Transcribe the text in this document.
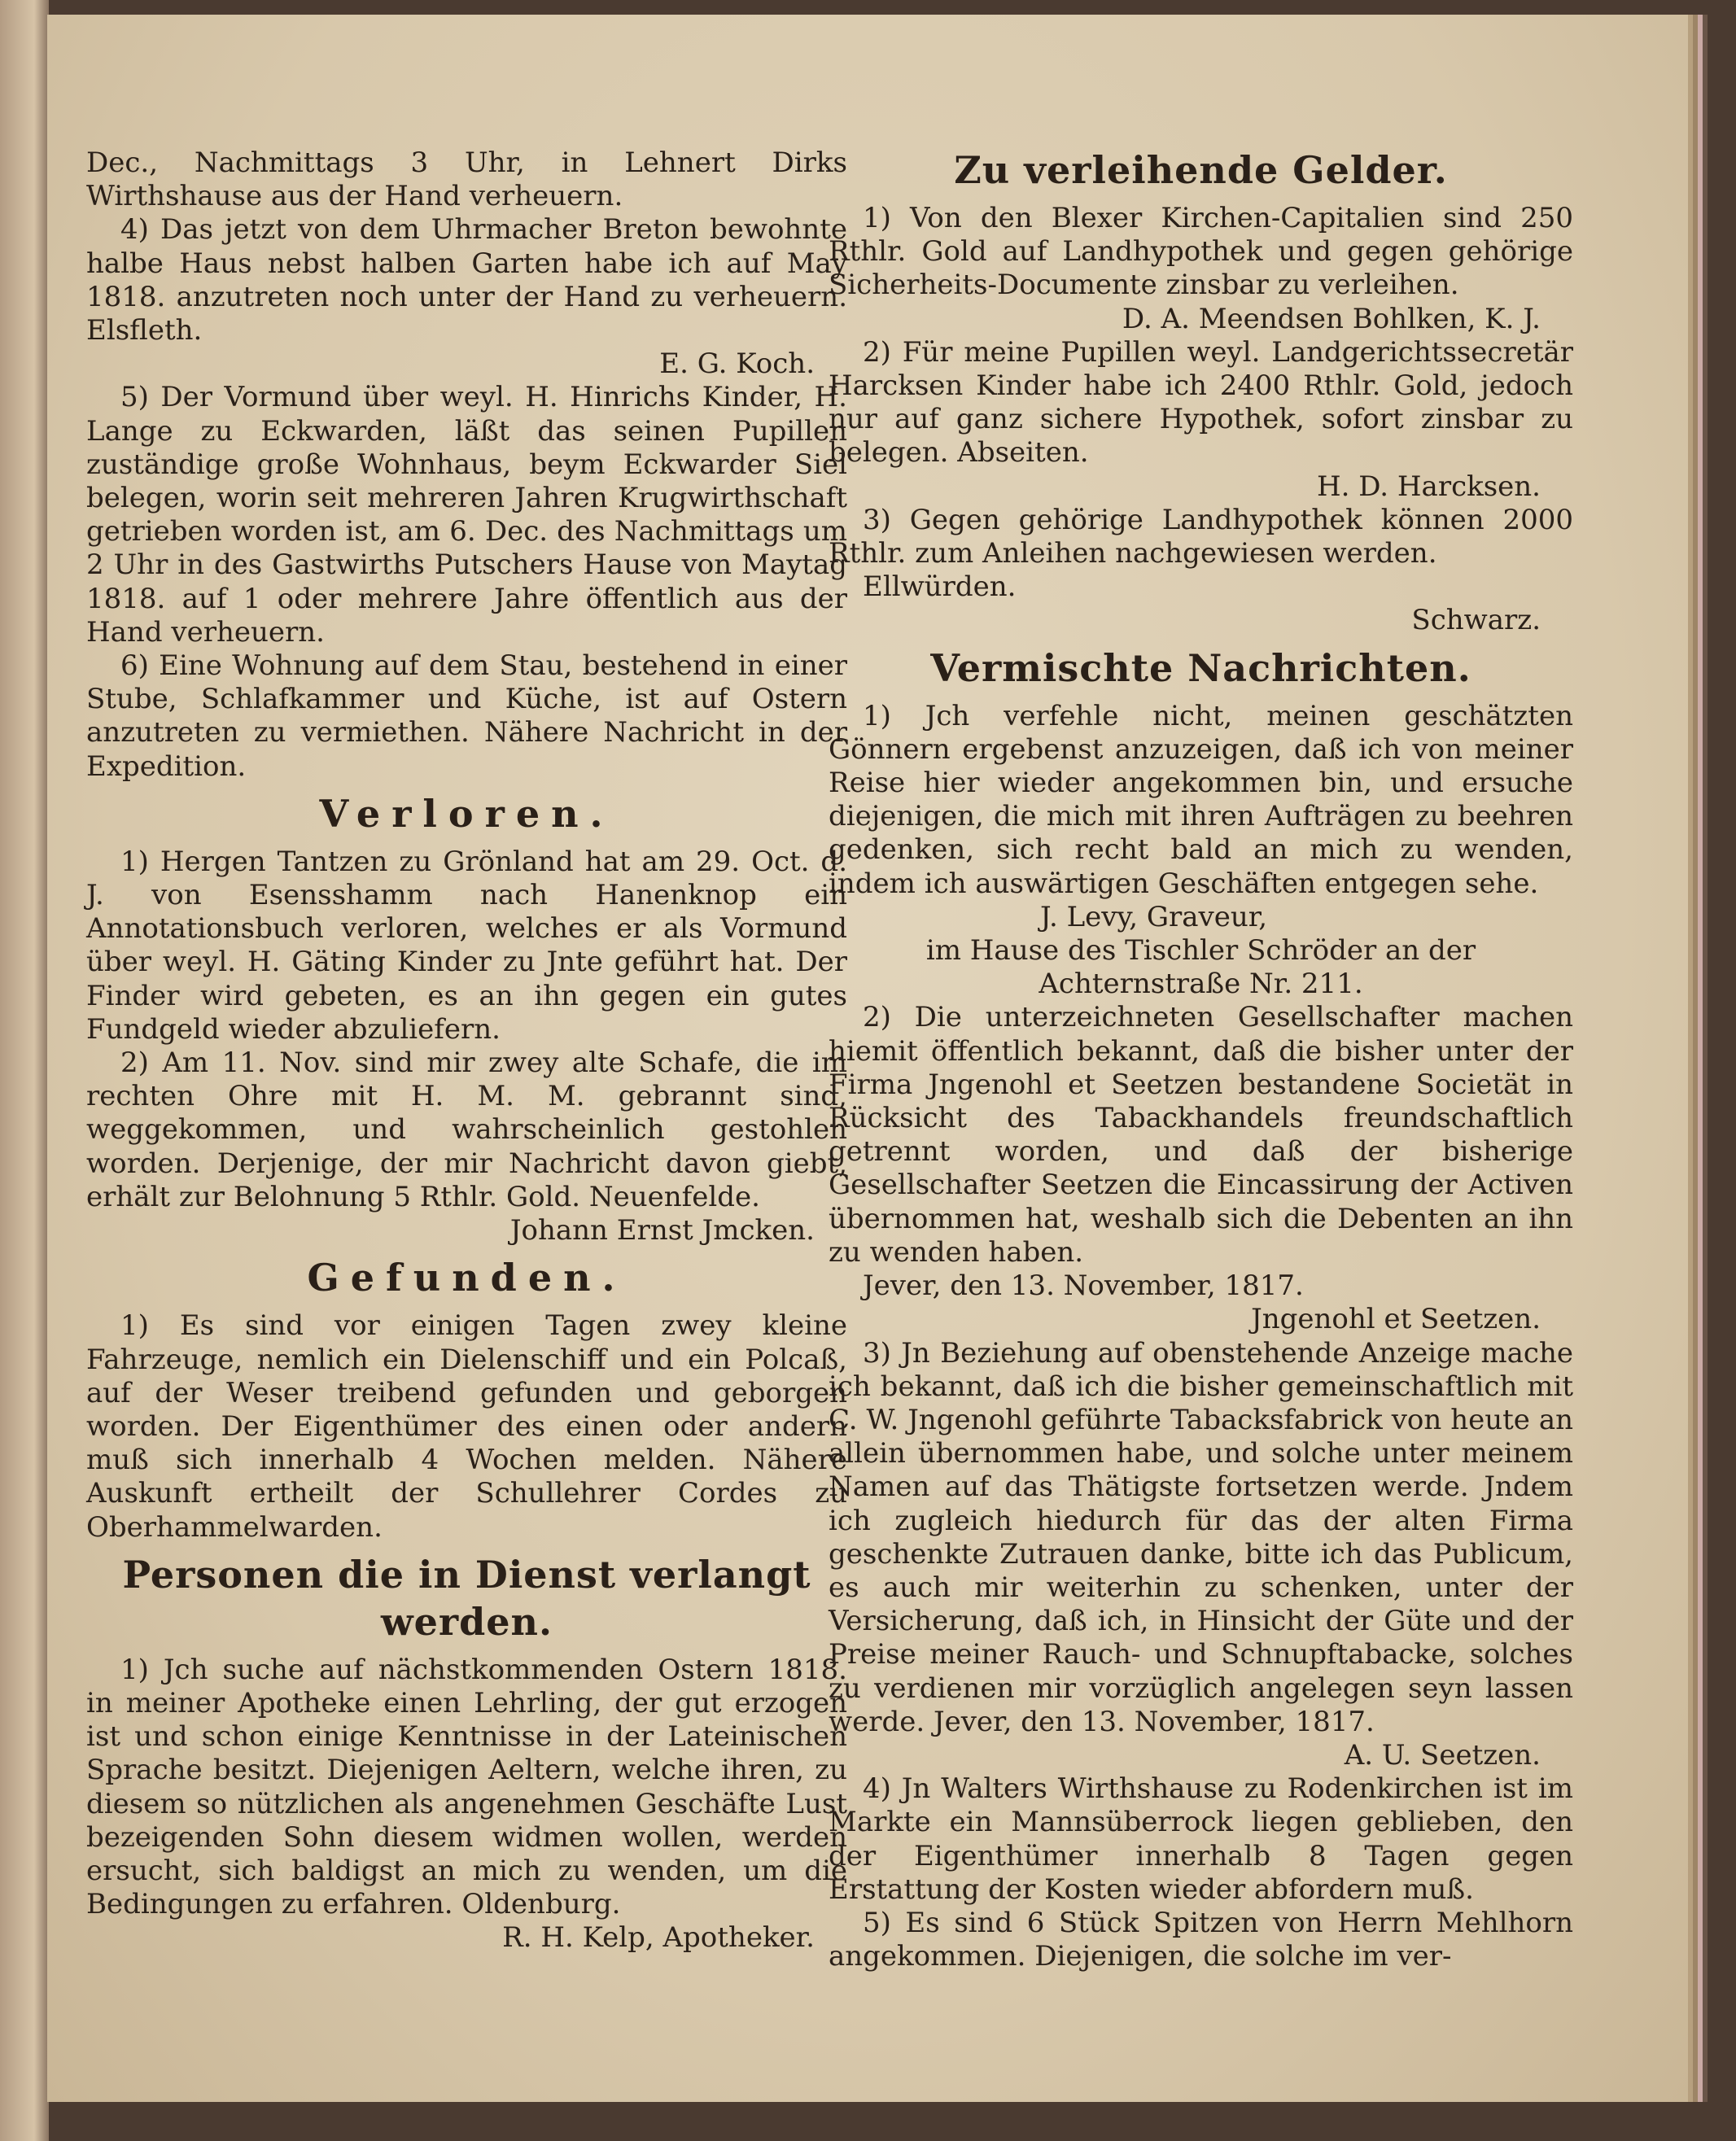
Dec., Nachmittags 3 Uhr, in Lehnert Dirks Wirthshause aus der Hand verheuern.

4) Das jetzt von dem Uhrmacher Breton bewohnte halbe Haus nebst halben Garten habe ich auf May 1818. anzutreten noch unter der Hand zu verheuern. Elsfleth.

E. G. Koch.

5) Der Vormund über weyl. H. Hinrichs Kinder, H. Lange zu Eckwarden, läßt das seinen Pupillen zuständige große Wohnhaus, beym Eckwarder Siel belegen, worin seit mehreren Jahren Krugwirthschaft getrieben worden ist, am 6. Dec. des Nachmittags um 2 Uhr in des Gastwirths Putschers Hause von Maytag 1818. auf 1 oder mehrere Jahre öffentlich aus der Hand verheuern.

6) Eine Wohnung auf dem Stau, bestehend in einer Stube, Schlafkammer und Küche, ist auf Ostern anzutreten zu vermiethen. Nähere Nachricht in der Expedition.

Verloren.

1) Hergen Tantzen zu Grönland hat am 29. Oct. d. J. von Esensshamm nach Hanenknop ein Annotationsbuch verloren, welches er als Vormund über weyl. H. Gäting Kinder zu Jnte geführt hat. Der Finder wird gebeten, es an ihn gegen ein gutes Fundgeld wieder abzuliefern.

2) Am 11. Nov. sind mir zwey alte Schafe, die im rechten Ohre mit H. M. M. gebrannt sind, weggekommen, und wahrscheinlich gestohlen worden. Derjenige, der mir Nachricht davon giebt, erhält zur Belohnung 5 Rthlr. Gold. Neuenfelde.

Johann Ernst Jmcken.

Gefunden.

1) Es sind vor einigen Tagen zwey kleine Fahrzeuge, nemlich ein Dielenschiff und ein Polcaß, auf der Weser treibend gefunden und geborgen worden. Der Eigenthümer des einen oder andern muß sich innerhalb 4 Wochen melden. Nähere Auskunft ertheilt der Schullehrer Cordes zu Oberhammelwarden.

Personen die in Dienst verlangt werden.

1) Jch suche auf nächstkommenden Ostern 1818. in meiner Apotheke einen Lehrling, der gut erzogen ist und schon einige Kenntnisse in der Lateinischen Sprache besitzt. Diejenigen Aeltern, welche ihren, zu diesem so nützlichen als angenehmen Geschäfte Lust bezeigenden Sohn diesem widmen wollen, werden ersucht, sich baldigst an mich zu wenden, um die Bedingungen zu erfahren. Oldenburg.

R. H. Kelp, Apotheker.

Zu verleihende Gelder.

1) Von den Blexer Kirchen-Capitalien sind 250 Rthlr. Gold auf Landhypothek und gegen gehörige Sicherheits-Documente zinsbar zu verleihen.

D. A. Meendsen Bohlken, K. J.

2) Für meine Pupillen weyl. Landgerichtssecretär Harcksen Kinder habe ich 2400 Rthlr. Gold, jedoch nur auf ganz sichere Hypothek, sofort zinsbar zu belegen. Abseiten.

H. D. Harcksen.

3) Gegen gehörige Landhypothek können 2000 Rthlr. zum Anleihen nachgewiesen werden.

Ellwürden.

Schwarz.

Vermischte Nachrichten.

1) Jch verfehle nicht, meinen geschätzten Gönnern ergebenst anzuzeigen, daß ich von meiner Reise hier wieder angekommen bin, und ersuche diejenigen, die mich mit ihren Aufträgen zu beehren gedenken, sich recht bald an mich zu wenden, indem ich auswärtigen Geschäften entgegen sehe.

J. Levy, Graveur,

im Hause des Tischler Schröder an der Achternstraße Nr. 211.

2) Die unterzeichneten Gesellschafter machen hiemit öffentlich bekannt, daß die bisher unter der Firma Jngenohl et Seetzen bestandene Societät in Rücksicht des Tabackhandels freundschaftlich getrennt worden, und daß der bisherige Gesellschafter Seetzen die Eincassirung der Activen übernommen hat, weshalb sich die Debenten an ihn zu wenden haben.

Jever, den 13. November, 1817.

Jngenohl et Seetzen.

3) Jn Beziehung auf obenstehende Anzeige mache ich bekannt, daß ich die bisher gemeinschaftlich mit C. W. Jngenohl geführte Tabacksfabrick von heute an allein übernommen habe, und solche unter meinem Namen auf das Thätigste fortsetzen werde. Jndem ich zugleich hiedurch für das der alten Firma geschenkte Zutrauen danke, bitte ich das Publicum, es auch mir weiterhin zu schenken, unter der Versicherung, daß ich, in Hinsicht der Güte und der Preise meiner Rauch- und Schnupftabacke, solches zu verdienen mir vorzüglich angelegen seyn lassen werde. Jever, den 13. November, 1817.

A. U. Seetzen.

4) Jn Walters Wirthshause zu Rodenkirchen ist im Markte ein Mannsüberrock liegen geblieben, den der Eigenthümer innerhalb 8 Tagen gegen Erstattung der Kosten wieder abfordern muß.

5) Es sind 6 Stück Spitzen von Herrn Mehlhorn angekommen. Diejenigen, die solche im ver-
